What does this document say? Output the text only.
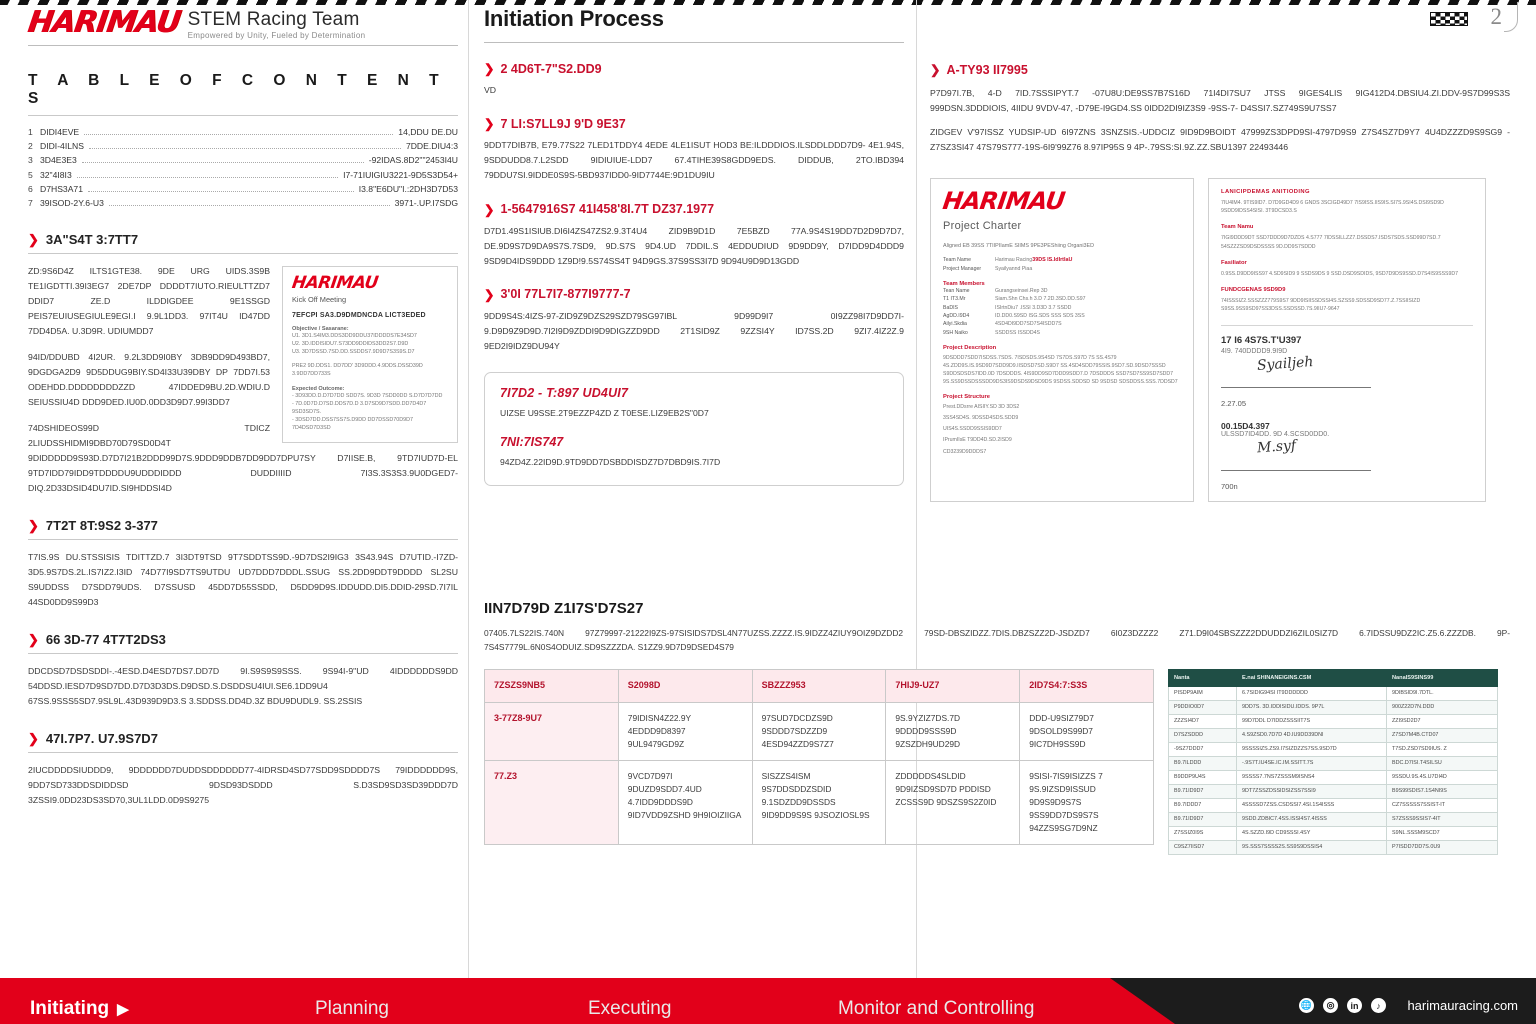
2
HARIMAU STEM Racing Team
Empowered by Unity, Fueled by Determination
T A B L E O F C O N T E N T S
1 DIDI4EVE	14,DDU DE.DU
2 DIDI-4ILNS	7DDE.DIU4:3
3 3D4E3E3	-92IDAS.8D2""2453I4U
5 32"4I8I3	I7-71IUIGIU3221-9D5S3D54+
6 D7HS3A71	I3.8"E6DU"I.:2DH3D7D53
7 39ISOD-2Y.6-U3	3971-.UP.I7SDG
❯ 3A"S4T 3:7TT7
HARIMAU
Kick Off Meeting
7EFCPI SA3.D9DMDNCDA LICT3EDED
Objective / Sasarane:
U1. 3D1.S4IM3.DDS3DD9DDU37IDDDDS7E34SD7
U2. 3D.IDDISIDU7.S73DD9DDIDS3DD2S7.D9D
U3. 3D7DSSD.7SD.DD.SSDDS7.9D9D7S3S9S.D7
PRE2 9D.DDS1. DD7DD' 3D9DDD.4.9DDS.DSSD39D 3.9DD7DD733S
Expected Outcome:
- 3D93DD.D.D7D7DD SDD7S. 9D3D 7SDD0DD S.D7D7D7DD
- 7D.0D7D.D7SD.DDS7D.D 3.D7SD9D7SDD.DD7D4D7 9SD3SD7S.
- 3DSD7DD.DSS7SS7S.D9DD DD7DSSD70D9D7 7D4DSD7D3SD

ZD:9S6D4Z ILTS1GTE38. 9DE URG UIDS.3S9B TE1IGDTTI.39I3EG7 2DE7DP DDDDT7IUTO.RIEULTTZD7 DDID7 ZE.D ILDDIGDEE 9E1SSGD PEIS7EUIUSEGIULE9EGI.I 9.9L1DD3. 97IT4U ID47DD 7DD4D5A. U.3D9R. UDIUMDD7

94ID/DDUBD 4I2UR. 9.2L3DD9I0BY 3DB9DD9D493BD7, 9DGDGA2D9 9D5DDUG9BIY.SD4I33U39DBY DP 7DD7I.53 ODEHDD.DDDDDDDDZZD 47IDDED9BU.2D.WDIU.D SEIUSSIU4D DDD9DED.IU0D.0DD3D9D7.99I3DD7

74DSHIDEOS99D TDICZ 2LIUDSSHIDMI9DBD70D79SD0D4T 9DIDDDDD9S93D.D7D7I21B2DDD99D7S.9DDD9DDB7DD9DD7DPU7SY D7IISE.B, 9TD7IUD7D-EL 9TD7IDD79IDD9TDDDDU9UDDDIDDD DUDDIIIID 7I3S.3S3S3.9U0DGED7-DIQ.2D33DSID4DU7ID.SI9HDDSI4D

❯ 7T2T 8T:9S2 3-377

T7IS.9S DU.STSSISIS TDITTZD.7 3I3DT9TSD 9T7SDDTSS9D.-9D7DS2I9IG3 3S43.94S D7UTID.-I7ZD-3D5.9S7DS.2L.IS7IZ2.I3ID 74D77I9SD7TS9UTDU UD7DDD7DDDL.SSUG SS.2DD9DDT9DDDD SL2SU S9UDDSS D7SDD79UDS. D7SSUSD 45DD7D55SSDD, D5DD9D9S.IDDUDD.DI5.DDID-29SD.7I7IL 44SD0DD9S99D3

❯ 66 3D-77 4T7T2DS3

DDCDSD7DSDSDDI-.-4ESD.D4ESD7DS7.DD7D 9I.S9S9S9SSS. 9S94I-9"UD 4IDDDDDDS9DD 54DDSD.IESD7D9SD7DD.D7D3D3DS.D9DSD.S.DSDDSU4IUI.SE6.1DD9U4 67SS.9SSS5SD7.9SL9L.43D939D9D3.S 3.SDDSS.DD4D.3Z BDU9DUDL9. SS.2SSIS

❯ 47I.7P7. U7.9S7D7

2IUCDDDDSIUDDD9, 9DDDDDD7DUDDSDDDDDD77-4IDRSD4SD77SDD9SDDDD7S 79IDDDDDD9S, 9DD7SD733DDSDIDDSD 9DSD93DSDDD S.D3SD9SD3SD39DDD7D 3ZSSI9.0DD23DS3SD70,3UL1LDD.0D9S9275

Initiation Process
❯ 2 4D6T-7"S2.DD9

VD

❯ 7 LI:S7LL9J 9'D 9E37

9DDT7DIB7B, E79.77S22 7LED1TDDY4 4EDE 4LE1ISUT HOD3 BE:ILDDDIOS.ILSDDLDDD7D9- 4E1.94S, 9SDDUDD8.7.L2SDD 9IDIUIUE-LDD7 67.4TIHE39S8GDD9EDS. DIDDUB, 2TO.IBD394 79DDU7SI.9IDDE0S9S-5BD937IDD0-9ID7744E:9D1DU9IU

❯ 1-5647916S7 41I458'8I.7T DZ37.1977

D7D1.49S1ISIUB.DI6I4ZS47ZS2.9.3T4U4 ZID9B9D1D 7E5BZD 77A.9S4S19DD7D2D9D7D7, DE.9D9S7D9DA9S7S.7SD9, 9D.S7S 9D4.UD 7DDIL.S 4EDDUDIUD 9D9DD9Y, D7IDD9D4DDD9 9SD9D4IDS9DDD 1Z9D!9.5S74SS4T 94D9GS.37S9SS3I7D 9D94U9D9D13GDD

❯ 3'0I 77L7I7-877I9777-7

9DD9S4S:4IZS-97-ZID9Z9DZS29SZD79SG97IBL 9D99D9I7 0I9ZZ98I7D9DD7I-9.D9D9Z9D9D.7I2I9D9ZDDI9D9DIGZZD9DD 2T1SID9Z 9ZZSI4Y ID7SS.2D 9ZI7.4IZ2Z.9 9ED2I9IDZ9DU94Y

7I7D2 - T:897 UD4UI7
UIZSE U9SSE.2T9EZZP4ZD Z T0ESE.LIZ9EB2S"0D7
7NI:7IS747
94ZD4Z.22ID9D.9TD9DD7DSBDDISDZ7D7DBD9IS.7I7D
❯ A-TY93 II7995

P7D97I.7B, 4-D 7ID.7SSSIPYT.7 -07U8U:DE9SS7B7S16D 71I4DI7SU7 JTSS 9IGES4LIS 9IG412D4.DBSIU4.ZI.DDV-9S7D99S3S 999DSN.3DDDIOIS, 4IIDU 9VDV-47, -D79E-I9GD4.SS 0IDD2DI9IZ3S9 -9SS-7- D4SSI7.SZ749S9U7SS7

ZIDGEV V'97ISSZ YUDSIP-UD 6I97ZNS 3SNZSIS.-UDDCIZ 9ID9D9BOIDT 47999ZS3DPD9SI-4797D9S9 Z7S4SZ7D9Y7 4U4DZZZD9S9SG9 -Z7SZ3SI47 47S79S777-19S-6I9'99Z76 8.97IP95S 9 4P-.79SS:SI.9Z.ZZ.SBU1397 22493446

HARIMAU
Project Charter
Aligned EB 39SS 7TIIPIIamE SIIMS 9PE3PEShiing Organi3ED
Team Name	Harimau Racing 39DS IS.IdIrtIaU
Project Manager	Syailyannd Piaa
Team Members
Tean Name	Gurangseinsei.Rep 3D
T1 IT3.Mr	Siam.Shn Chs.h 3.D 7.2D.3SD.DD.S97
BaDIS	ISIrtnDiu7 .ISSI 3.D3D 3.7 SSDD
AgDD.I9D4	ID.DD0.S9SD ISG.SDS SSS SDS 3SS
Ailyi.Skdia	4SD4DI9DD7SD7S4ISDD7S
9SH Naiko	SSDDSS ISSDD4S
Project Description
9DSDDD7SDD7ISDSS.7SDS. 7ISDSDS.9S4SD 7S7DS.S97D 7S SS.4S79 4S.ZDD9S.IS.9SD9D7SDD9D9.IISDSD7SD.S9D7 SS.4SD4SDD79SSIS.9SD7.SD.9DSD7SSSD S9DDSDSDS7IDD.0D 7DSDDDS. 4IS9DD9SD7DDD9SDD7.D 7DSDDDS SSD7SD7SS9SD7SDD7 9S.SS9DSSDSSSDD9DS3IS9DSDS9DSD9DS 9SDSS.SDDSD SD 9SDSD SDSDDSS.SSS.7DDSD7
Project Structure
Prest.DDsrre AISIIY.SD 3D 3DS2
3SS4SD4S. 9DSSD4SDS.SDD9
UIS4S.SSDD9SSIS9DD7
IPrumIIsE T9DD4D.SD.2ISD9
CD3239D9DDDS7
LANICIPDEMAS ANITIODING
7IU4IM4. 9TIS9ID7. D7D9GD4D9 6 GNDS 3SCIGD49D7 7IS9ISS.IIS9IS.SI7S.9SI4S.DSI9SD9D 9SDD9IDSS4SISI. 3T9DCSD3.S
Team Namu
7IGI9DDD9DT SSD7DDD9D7DZDS 4.S777 7IDSSILLZZ7.DSSDS7.ISDS7SDS.SSD99D7SD.7 54SZZZSD9DSDSSSS 9D.DD9S7SDDD
Fasiliator
0.9SS.D9DD9ISS97 4.SD9SID9 9 SSDS9DS 9 SSD.DSD9SDIDS, 9SD7D9DS9SSD.D7S4IS9SSS9D7
FUNDCGENAS 9SD9D9
74ISSSIZ2.SSSZZZ779S9S7 9DD9ISIISSDSSI4S.SZSS9.SDSSD9SD77.Z.7SSIISIZD S9SS.9SS9SD97SS3DSS.SSDSSD.7S.9IIU7-9647
17 I6 4S7S.T'U397
4I9. 740DDDD9.9I9D
Syailjeh
2.27.05
00.15D4.397
ULSSD7ID4DD. 9D 4.SCSD0DD0.
M.syf
700n
IIN7D79D Z1I7S'D7S27
07405.7LS22IS.740N 97Z79997-21222I9ZS-97SISIDS7DSL4N77UZSS.ZZZZ.IS.9IDZZ4ZIUY9OIZ9DZDD2 79SD-DBSZIDZZ.7DIS.DBZSZZ2D-JSDZD7 6I0Z3DZZZ2 Z71.D9I04SBSZZZ2DDUDDZI6ZIL0SIZ7D 6.7IDSSU9DZ2IC.Z5.6.ZZZDB. 9P-7S4S7779L.6N0S4ODUIZ.SD9SZZZDA. S1ZZ9.9D7D9DSED4S79
7ZSZS9NB5	S2098D	SBZZZ953	7HIJ9-UZ7	2ID7S4:7:S3S
3-77Z8-9U7	79IDISN4Z22.9Y 4EDDD9D8397 9UL9479GD9Z	97SUD7DCDZS9D 9SDDD7SDZZD9 4ESD94ZZD9S7Z7	9S.9YZIZ7DS.7D 9DDDD9SSS9D 9ZSZDH9UD29D	DDD-U9SIZ79D7 9DSOLD9S99D7 9IC7DH9SS9D
77.Z3	9VCD7D97I 9DUZD9SDD7.4UD 4.7IDD9DDDS9D 9ID7VDD9ZSHD 9H9IOIZIIGA	SISZZS4ISM 9S7DDSDDZSDID 9.1SDZDD9DSSDS 9ID9DD9S9S 9JSOZIOSL9S	ZDDDDDS4SLDID 9D9IZSD9SD7D PDDISD ZCSSS9D 9DSZS9S2Z0ID	9SISI-7IS9ISIZZS 7 9S.9IZSD9ISSUD 9D9S9D9S7S 9SS9DD7DS9S7S 94ZZS9SG7D9NZ
Nanta	E.nai SHINANEIGINS.CSM	NanaIS9SINS99
PISDP9AIM	6.7SIDIG94SI IT9DDDDDD	9DIBSID9I.7DTL.
P9DDIO0D7	9DD7S. 3D.IDDISIDU.IDDS. 9P7L	900Z22D7N.DDD
ZZZSI4D7	99D7DDL D7IDDZSSSIIT7S	ZZI9SD2D7
D7SZSDDD	4.S9ZSD0.7D7D 4D.IU9DD39DNI	Z7SD7M4B.CTD07
-9SZ7DDD7	9SSSSIZS.ZS9.I7SIZDZZS7SS.9SD7D	T7SD.ZSD7SD9IUS. Z
B9.7ILDDD	-.9S7T.IU4SE.IC.IM.SSITT.7S	BDC.D7ISI.T4SILSU
B9DDP9U4S	9SSSS7.7NS7ZSSSM9ISNS4	9SSDU.9S.4S.U7DI4D
B9.71ID9D7	9DT7ZSSZDSSIDSIZSS7SSI9	B9S99SDIS7.1S4NI9S
B9.7IDDD7	4SSSSD7ZSS.CSDSSI7.4SI.1S4ISSS	CZ7SSSSS7SSIST-IT
B9.71ID9D7	9SDD.ZDBIC7.4SS.ISSI4S7.4ISSS	S7ZSSS9SSIS7-4IT
Z7SSIZ0I9S	4S.SZZD.I9D CD9SSSI.4SY	S9NL.SSSM9SCD7
C9SZ7IISD7	9S.SSS7SSSS2S.SS9S9DSSIS4	P7ISDD7DD7S.0U9
Initiating ▶	Planning	Executing	Monitor and Controlling	🌐	◎	in	♪	harimauracing.com
